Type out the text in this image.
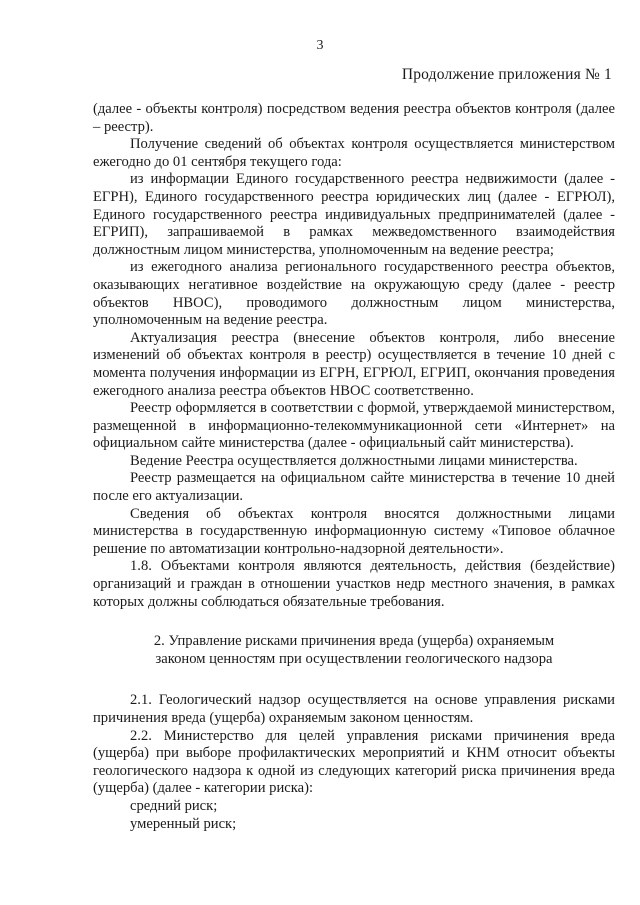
3
Продолжение приложения № 1

(далее - объекты контроля) посредством ведения реестра объектов контроля (далее – реестр).

Получение сведений об объектах контроля осуществляется министерством ежегодно до 01 сентября текущего года:

из информации Единого государственного реестра недвижимости (далее - ЕГРН), Единого государственного реестра юридических лиц (далее - ЕГРЮЛ), Единого государственного реестра индивидуальных предпринимателей (далее - ЕГРИП), запрашиваемой в рамках межведомственного взаимодействия должностным лицом министерства, уполномоченным на ведение реестра;

из ежегодного анализа регионального государственного реестра объектов, оказывающих негативное воздействие на окружающую среду (далее - реестр объектов НВОС), проводимого должностным лицом министерства, уполномоченным на ведение реестра.

Актуализация реестра (внесение объектов контроля, либо внесение изменений об объектах контроля в реестр) осуществляется в течение 10 дней с момента получения информации из ЕГРН, ЕГРЮЛ, ЕГРИП, окончания проведения ежегодного анализа реестра объектов НВОС соответственно.

Реестр оформляется в соответствии с формой, утверждаемой министерством, размещенной в информационно-телекоммуникационной сети «Интернет» на официальном сайте министерства (далее - официальный сайт министерства).

Ведение Реестра осуществляется должностными лицами министерства.

Реестр размещается на официальном сайте министерства в течение 10 дней после его актуализации.

Сведения об объектах контроля вносятся должностными лицами министерства в государственную информационную систему «Типовое облачное решение по автоматизации контрольно-надзорной деятельности».

1.8. Объектами контроля являются деятельность, действия (бездействие) организаций и граждан в отношении участков недр местного значения, в рамках которых должны соблюдаться обязательные требования.

2. Управление рисками причинения вреда (ущерба) охраняемым
законом ценностям при осуществлении геологического надзора

2.1. Геологический надзор осуществляется на основе управления рисками причинения вреда (ущерба) охраняемым законом ценностям.

2.2. Министерство для целей управления рисками причинения вреда (ущерба) при выборе профилактических мероприятий и КНМ относит объекты геологического надзора к одной из следующих категорий риска причинения вреда (ущерба) (далее - категории риска):

средний риск;

умеренный риск;
